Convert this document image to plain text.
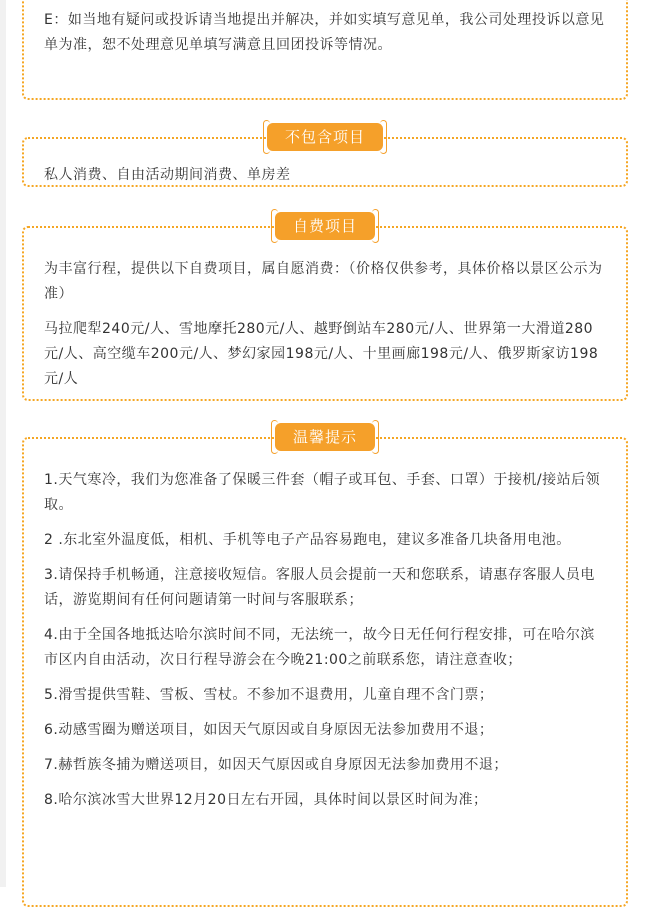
E：如当地有疑问或投诉请当地提出并解决，并如实填写意见单，我公司处理投诉以意见单为准，恕不处理意见单填写满意且回团投诉等情况。

私人消费、自由活动期间消费、单房差

不包含项目

为丰富行程，提供以下自费项目，属自愿消费：（价格仅供参考，具体价格以景区公示为准）

马拉爬犁240元/人、雪地摩托280元/人、越野倒站车280元/人、世界第一大滑道280元/人、高空缆车200元/人、梦幻家园198元/人、十里画廊198元/人、俄罗斯家访198元/人

自费项目

1.天气寒冷，我们为您准备了保暖三件套（帽子或耳包、手套、口罩）于接机/接站后领取。

2 .东北室外温度低，相机、手机等电子产品容易跑电，建议多准备几块备用电池。

3.请保持手机畅通，注意接收短信。客服人员会提前一天和您联系，请惠存客服人员电话，游览期间有任何问题请第一时间与客服联系；

4.由于全国各地抵达哈尔滨时间不同，无法统一，故今日无任何行程安排，可在哈尔滨市区内自由活动，次日行程导游会在今晚21:00之前联系您，请注意查收；

5.滑雪提供雪鞋、雪板、雪杖。不参加不退费用，儿童自理不含门票；

6.动感雪圈为赠送项目，如因天气原因或自身原因无法参加费用不退；

7.赫哲族冬捕为赠送项目，如因天气原因或自身原因无法参加费用不退；

8.哈尔滨冰雪大世界12月20日左右开园，具体时间以景区时间为准；

温馨提示
